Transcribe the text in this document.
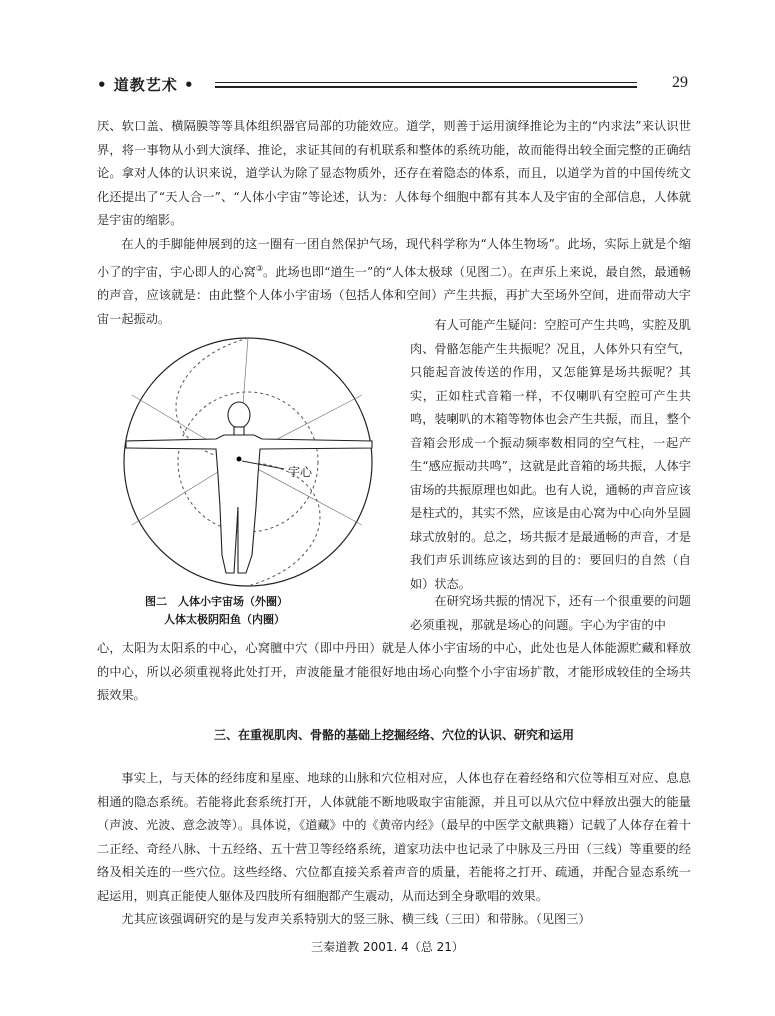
• 道教艺术 •	29

厌、软口盖、横隔膜等等具体组织器官局部的功能效应。道学，则善于运用演绎推论为主的“内求法”来认识世界，将一事物从小到大演绎、推论，求证其间的有机联系和整体的系统功能，故而能得出较全面完整的正确结论。拿对人体的认识来说，道学认为除了显态物质外，还存在着隐态的体系，而且，以道学为首的中国传统文化还提出了“天人合一”、“人体小宇宙”等论述，认为：人体每个细胞中都有其本人及宇宙的全部信息，人体就是宇宙的缩影。

在人的手脚能伸展到的这一圈有一团自然保护气场，现代科学称为“人体生物场”。此场，实际上就是个缩小了的宇宙，宇心即人的心窝③。此场也即“道生一”的“人体太极球（见图二）。在声乐上来说，最自然，最通畅的声音，应该就是：由此整个人体小宇宙场（包括人体和空间）产生共振，再扩大至场外空间，进而带动大宇宙一起振动。

宇心
图二　人体小宇宙场（外圈）
人体太极阴阳鱼（内圈）

有人可能产生疑问：空腔可产生共鸣，实腔及肌肉、骨骼怎能产生共振呢？况且，人体外只有空气，只能起音波传送的作用，又怎能算是场共振呢？其实，正如柱式音箱一样，不仅喇叭有空腔可产生共鸣，装喇叭的木箱等物体也会产生共振，而且，整个音箱会形成一个振动频率数相同的空气柱，一起产生“感应振动共鸣”，这就是此音箱的场共振，人体宇宙场的共振原理也如此。也有人说，通畅的声音应该是柱式的，其实不然，应该是由心窝为中心向外呈圆球式放射的。总之，场共振才是最通畅的声音，才是我们声乐训练应该达到的目的：要回归的自然（自如）状态。

在研究场共振的情况下，还有一个很重要的问题必须重视，那就是场心的问题。宇心为宇宙的中

心，太阳为太阳系的中心，心窝膻中穴（即中丹田）就是人体小宇宙场的中心，此处也是人体能源贮藏和释放的中心，所以必须重视将此处打开，声波能量才能很好地由场心向整个小宇宙场扩散，才能形成较佳的全场共振效果。

三、在重视肌肉、骨骼的基础上挖掘经络、穴位的认识、研究和运用

事实上，与天体的经纬度和星座、地球的山脉和穴位相对应，人体也存在着经络和穴位等相互对应、息息相通的隐态系统。若能将此套系统打开，人体就能不断地吸取宇宙能源，并且可以从穴位中释放出强大的能量（声波、光波、意念波等）。具体说，《道藏》中的《黄帝内经》（最早的中医学文献典籍）记载了人体存在着十二正经、奇经八脉、十五经络、五十营卫等经络系统，道家功法中也记录了中脉及三丹田（三线）等重要的经络及相关连的一些穴位。这些经络、穴位都直接关系着声音的质量，若能将之打开、疏通，并配合显态系统一起运用，则真正能使人躯体及四肢所有细胞都产生震动，从而达到全身歌唱的效果。

尤其应该强调研究的是与发声关系特别大的竖三脉、横三线（三田）和带脉。（见图三）

三秦道教 2001. 4（总 21）
